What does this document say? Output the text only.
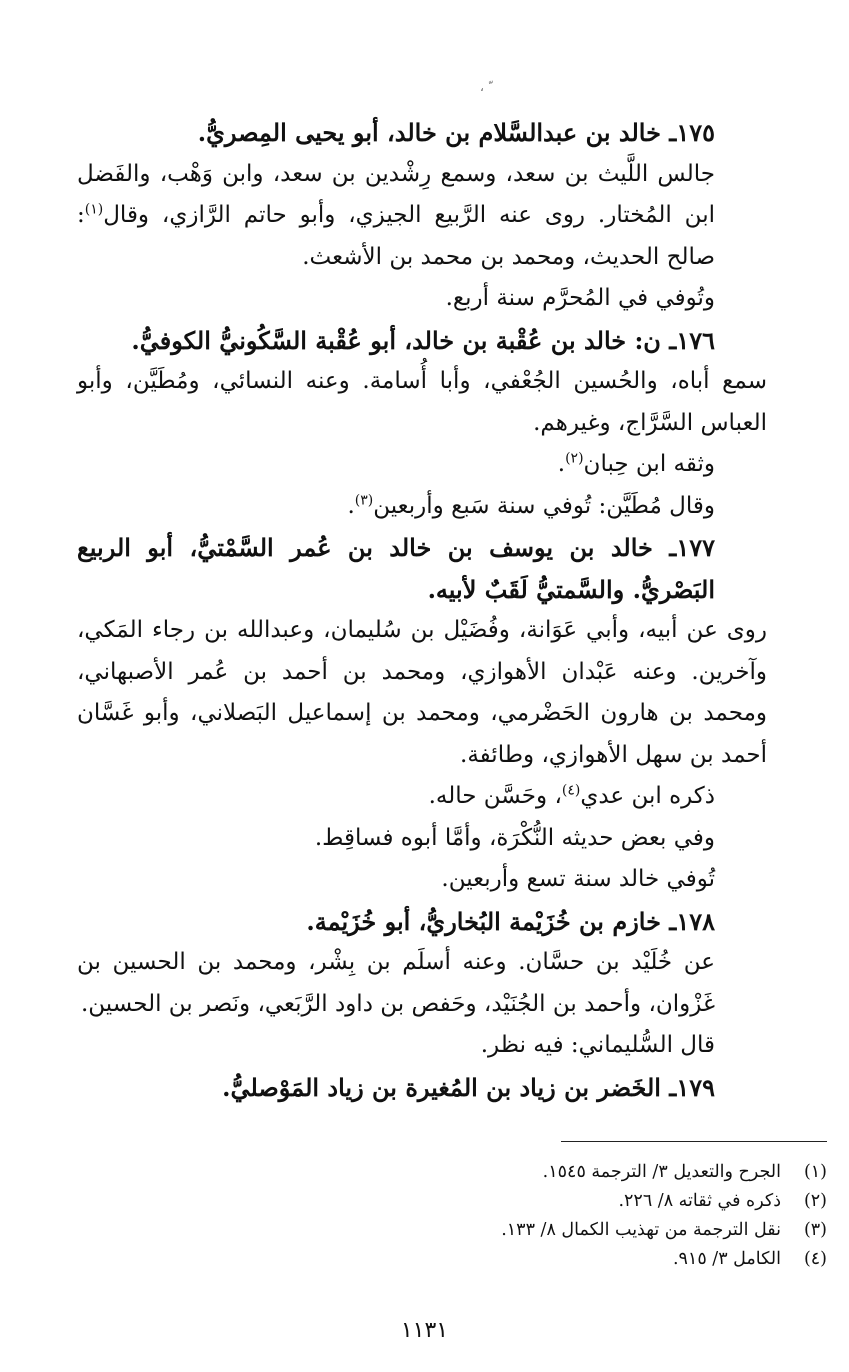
ّ ،

١٧٥ـ خالد بن عبدالسَّلام بن خالد، أبو يحيى المِصريُّ.

جالس اللَّيث بن سعد، وسمع رِشْدين بن سعد، وابن وَهْب، والفَضل ابن المُختار. روى عنه الرَّبيع الجيزي، وأبو حاتم الرَّازي، وقال$^{(١)}$: صالح الحديث، ومحمد بن محمد بن الأشعث.

وتُوفي في المُحرَّم سنة أربع.

١٧٦ـ ن: خالد بن عُقْبة بن خالد، أبو عُقْبة السَّكُونيُّ الكوفيُّ.

سمع أباه، والحُسين الجُعْفي، وأبا أُسامة. وعنه النسائي، ومُطَيَّن، وأبو العباس السَّرَّاج، وغيرهم.

وثقه ابن حِبان$^{(٢)}$.

وقال مُطَيَّن: تُوفي سنة سَبع وأربعين$^{(٣)}$.

١٧٧ـ خالد بن يوسف بن خالد بن عُمر السَّمْتيُّ، أبو الربيع البَصْريُّ. والسَّمتيُّ لَقَبٌ لأبيه.

روى عن أبيه، وأبي عَوَانة، وفُضَيْل بن سُليمان، وعبدالله بن رجاء المَكي، وآخرين. وعنه عَبْدان الأهوازي، ومحمد بن أحمد بن عُمر الأصبهاني، ومحمد بن هارون الحَضْرمي، ومحمد بن إسماعيل البَصلاني، وأبو غَسَّان أحمد بن سهل الأهوازي، وطائفة.

ذكره ابن عدي$^{(٤)}$، وحَسَّن حاله.

وفي بعض حديثه النُّكْرَة، وأمَّا أبوه فساقِط.

تُوفي خالد سنة تسع وأربعين.

١٧٨ـ خازم بن خُزَيْمة البُخاريُّ، أبو خُزَيْمة.

عن خُلَيْد بن حسَّان. وعنه أسلَم بن بِشْر، ومحمد بن الحسين بن غَزْوان، وأحمد بن الجُنَيْد، وحَفص بن داود الرَّبَعي، ونَصر بن الحسين.

قال السُّليماني: فيه نظر.

١٧٩ـ الخَضر بن زياد بن المُغيرة بن زياد المَوْصليُّ.

(١)
الجرح والتعديل ٣/ الترجمة ١٥٤٥.
(٢)
ذكره في ثقاته ٨/ ٢٢٦.
(٣)
نقل الترجمة من تهذيب الكمال ٨/ ١٣٣.
(٤)
الكامل ٣/ ٩١٥.
١١٣١
